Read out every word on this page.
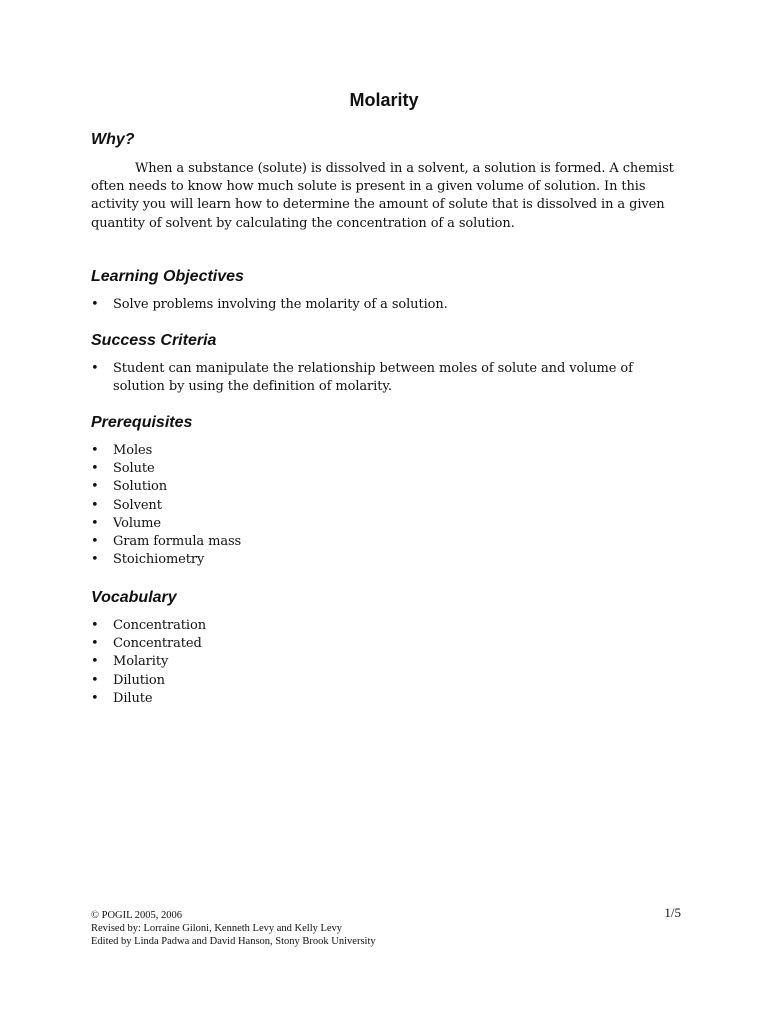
Molarity
Why?

When a substance (solute) is dissolved in a solvent, a solution is formed. A chemist often needs to know how much solute is present in a given volume of solution. In this activity you will learn how to determine the amount of solute that is dissolved in a given quantity of solvent by calculating the concentration of a solution.

Learning Objectives
• Solve problems involving the molarity of a solution.
Success Criteria
• Student can manipulate the relationship between moles of solute and volume of solution by using the definition of molarity.
Prerequisites
• Moles
• Solute
• Solution
• Solvent
• Volume
• Gram formula mass
• Stoichiometry
Vocabulary
• Concentration
• Concentrated
• Molarity
• Dilution
• Dilute
© POGIL 2005, 2006
Revised by: Lorraine Giloni, Kenneth Levy and Kelly Levy
Edited by Linda Padwa and David Hanson, Stony Brook University
1/5
